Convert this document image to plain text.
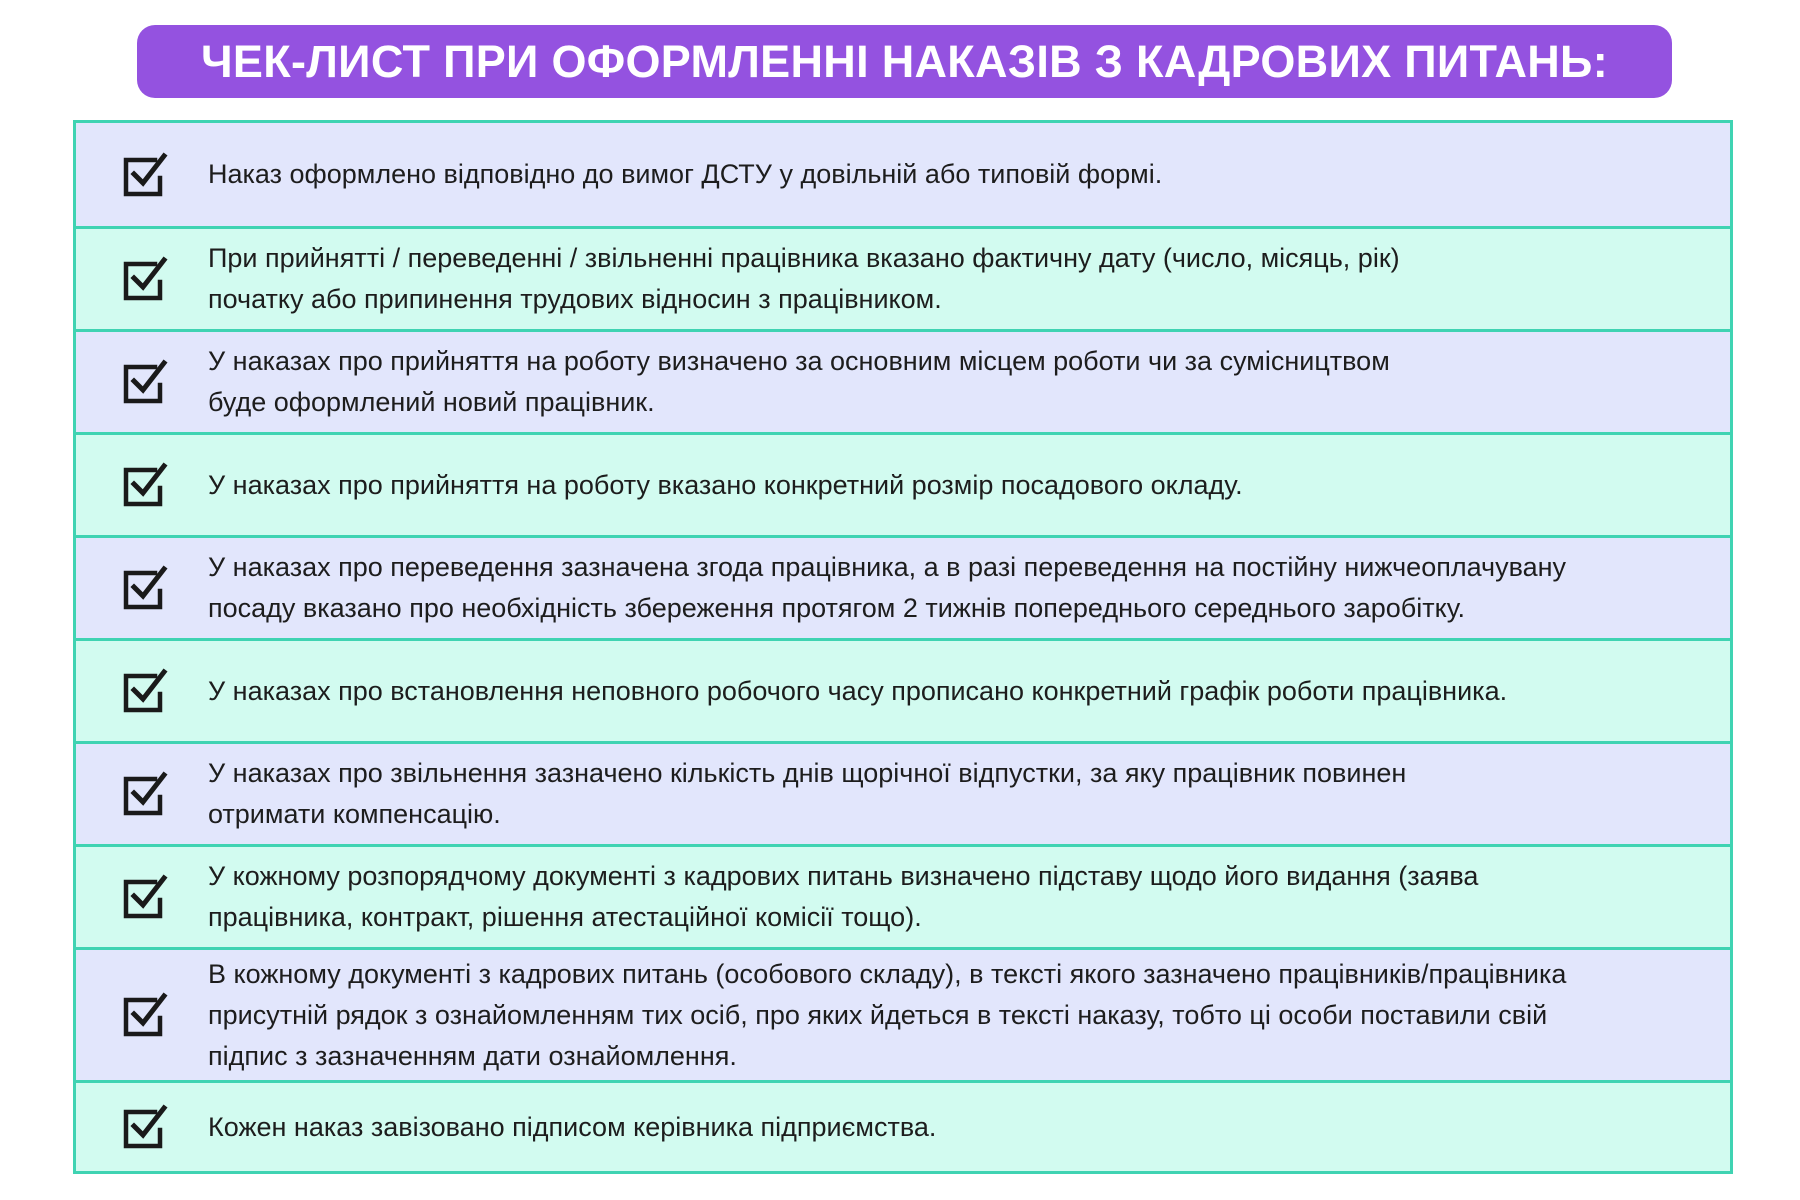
ЧЕК-ЛИСТ ПРИ ОФОРМЛЕННІ НАКАЗІВ З КАДРОВИХ ПИТАНЬ:
Наказ оформлено відповідно до вимог ДСТУ у довільній або типовій формі.
При прийнятті / переведенні / звільненні працівника вказано фактичну дату (число, місяць, рік)
початку або припинення трудових відносин з працівником.
У наказах про прийняття на роботу визначено за основним місцем роботи чи за сумісництвом
буде оформлений новий працівник.
У наказах про прийняття на роботу вказано конкретний розмір посадового окладу.
У наказах про переведення зазначена згода працівника, а в разі переведення на постійну нижчеоплачувану
посаду вказано про необхідність збереження протягом 2 тижнів попереднього середнього заробітку.
У наказах про встановлення неповного робочого часу прописано конкретний графік роботи працівника.
У наказах про звільнення зазначено кількість днів щорічної відпустки, за яку працівник повинен
отримати компенсацію.
У кожному розпорядчому документі з кадрових питань визначено підставу щодо його видання (заява
працівника, контракт, рішення атестаційної комісії тощо).
В кожному документі з кадрових питань (особового складу), в тексті якого зазначено працівників/працівника
присутній рядок з ознайомленням тих осіб, про яких йдеться в тексті наказу, тобто ці особи поставили свій
підпис з зазначенням дати ознайомлення.
Кожен наказ завізовано підписом керівника підприємства.
